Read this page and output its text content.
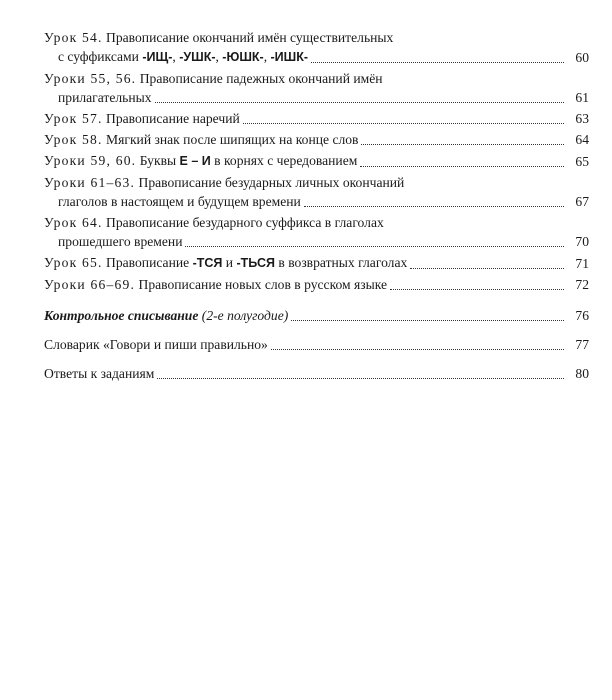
Урок 54. Правописание окончаний имён существительных
с суффиксами -ИЩ-, -УШК-, -ЮШК-, -ИШК-	60
Уроки 55, 56. Правописание падежных окончаний имён
прилагательных	61
Урок 57. Правописание наречий	63
Урок 58. Мягкий знак после шипящих на конце слов	64
Уроки 59, 60. Буквы Е – И в корнях с чередованием	65
Уроки 61–63. Правописание безударных личных окончаний
глаголов в настоящем и будущем времени	67
Урок 64. Правописание безударного суффикса в глаголах
прошедшего времени	70
Урок 65. Правописание -ТСЯ и -ТЬСЯ в возвратных глаголах	71
Уроки 66–69. Правописание новых слов в русском языке	72
Контрольное списывание (2-е полугодие)	76
Словарик «Говори и пиши правильно»	77
Ответы к заданиям	80
